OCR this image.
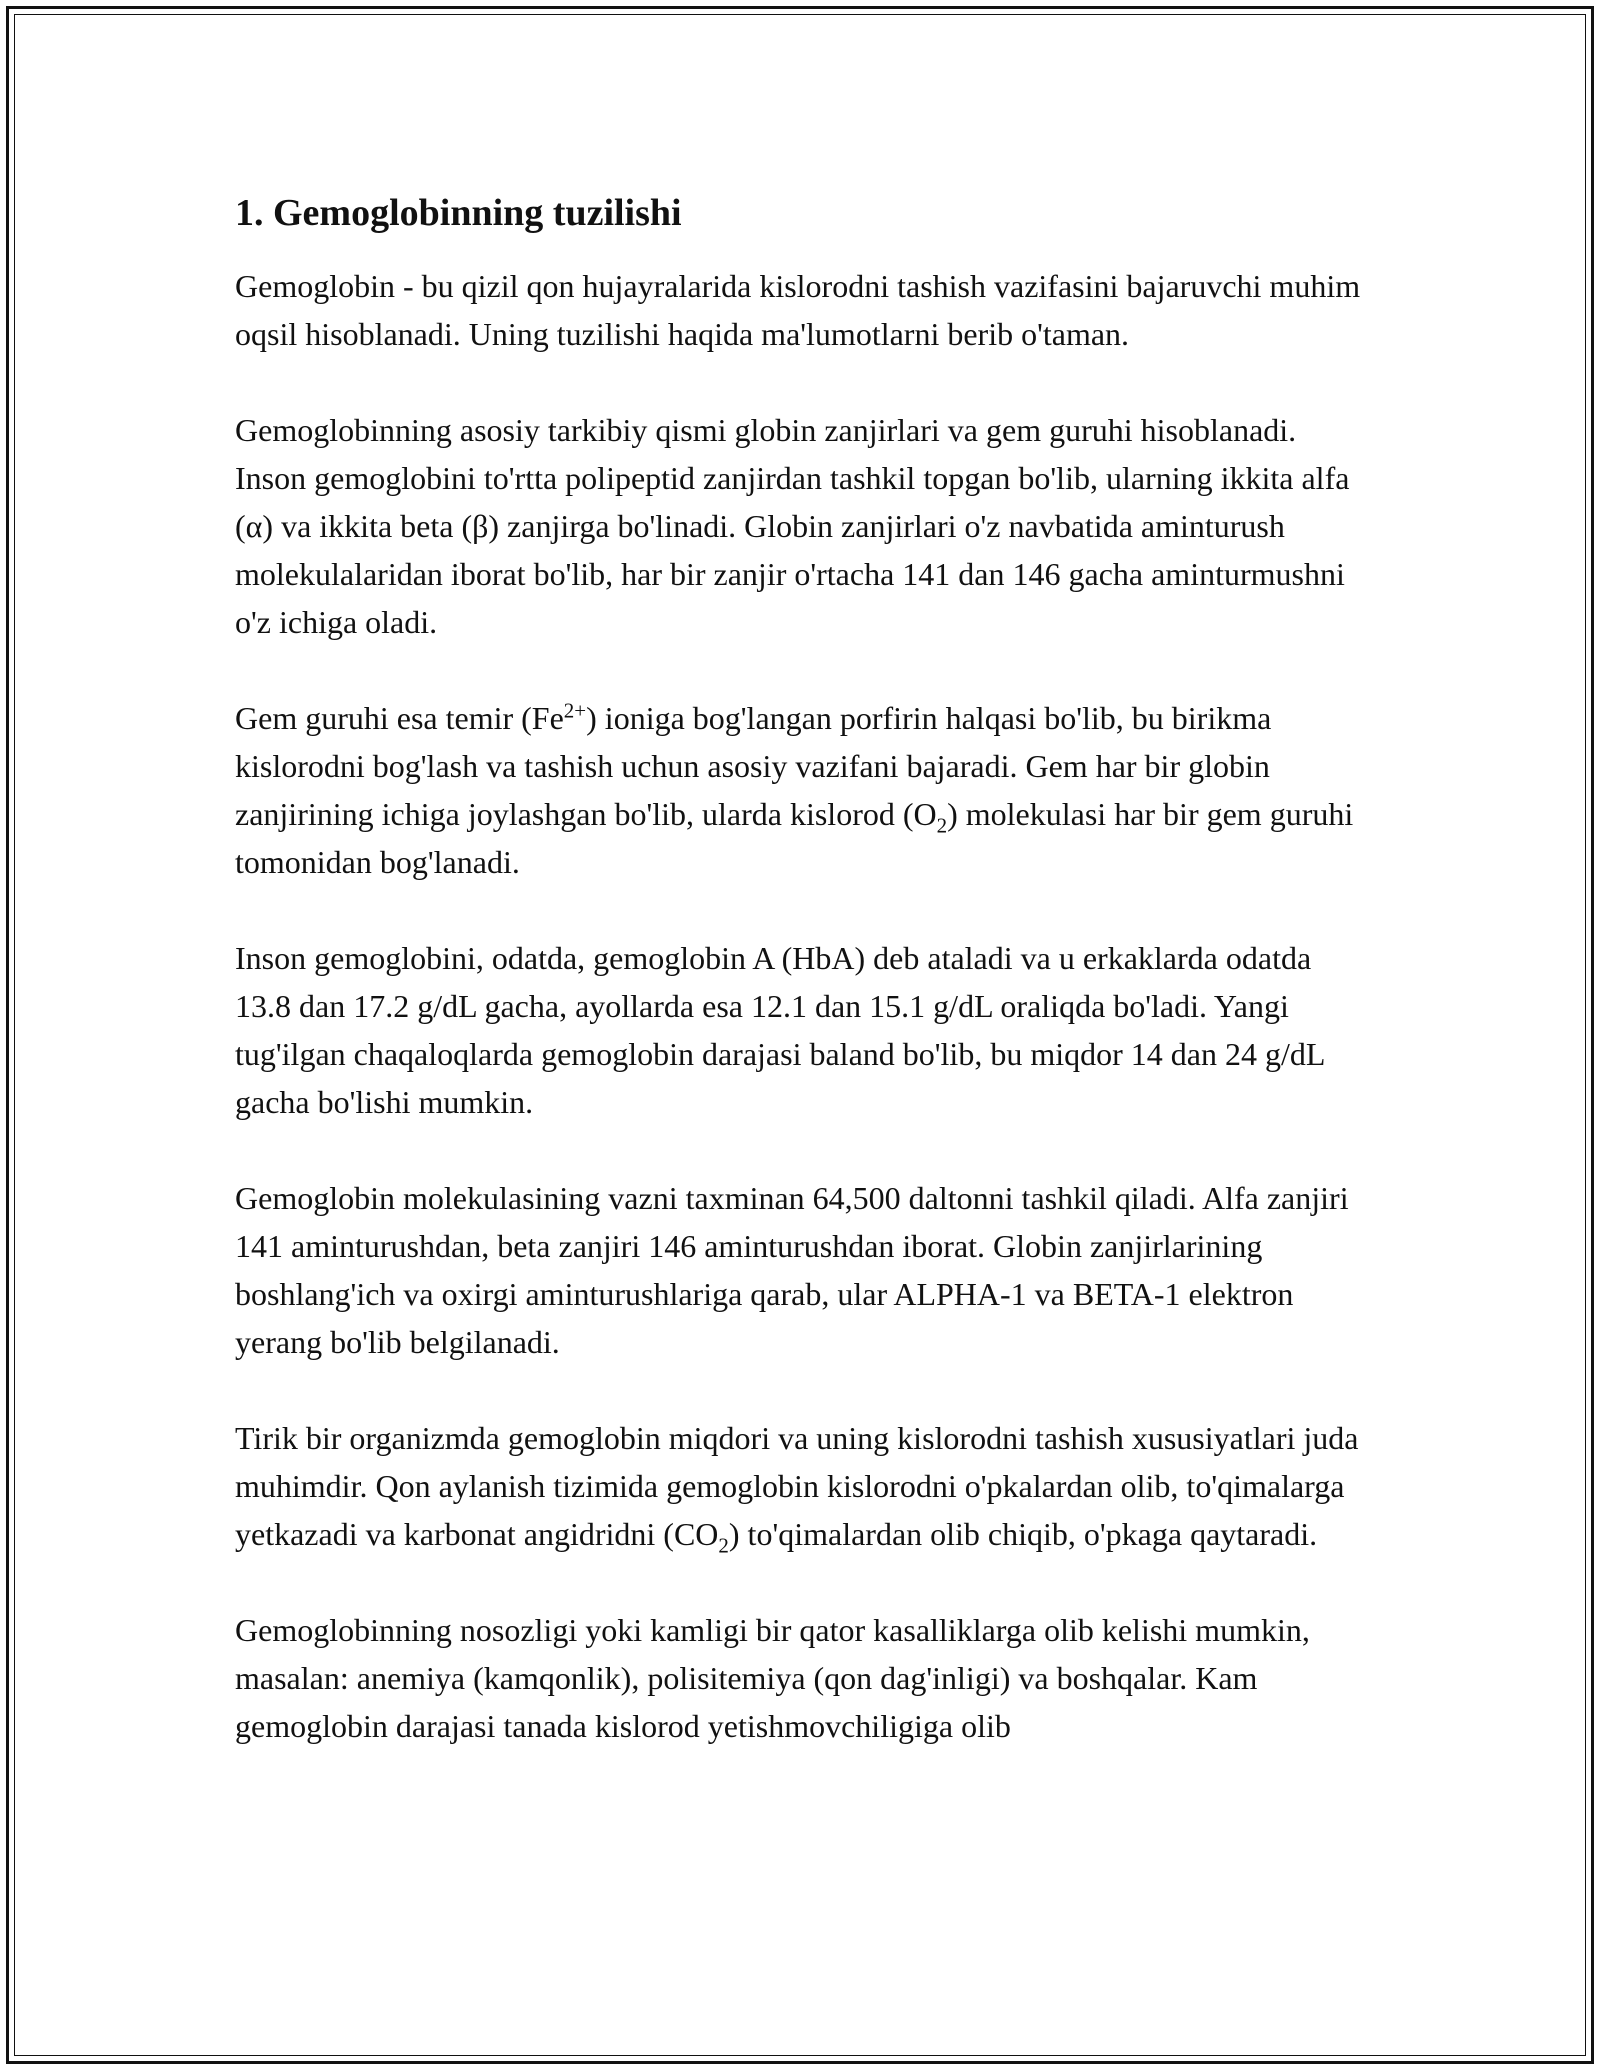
1. Gemoglobinning tuzilishi

Gemoglobin - bu qizil qon hujayralarida kislorodni tashish vazifasini bajaruvchi muhim oqsil hisoblanadi. Uning tuzilishi haqida ma'lumotlarni berib o'taman.

Gemoglobinning asosiy tarkibiy qismi globin zanjirlari va gem guruhi hisoblanadi. Inson gemoglobini to'rtta polipeptid zanjirdan tashkil topgan bo'lib, ularning ikkita alfa (α) va ikkita beta (β) zanjirga bo'linadi. Globin zanjirlari o'z navbatida aminturush molekulalaridan iborat bo'lib, har bir zanjir o'rtacha 141 dan 146 gacha aminturmushni o'z ichiga oladi.

Gem guruhi esa temir $(Fe^{2+})$ ioniga bog'langan porfirin halqasi bo'lib, bu birikma kislorodni bog'lash va tashish uchun asosiy vazifani bajaradi. Gem har bir globin zanjirining ichiga joylashgan bo'lib, ularda kislorod $(O_2)$ molekulasi har bir gem guruhi tomonidan bog'lanadi.

Inson gemoglobini, odatda, gemoglobin A (HbA) deb ataladi va u erkaklarda odatda 13.8 dan 17.2 g/dL gacha, ayollarda esa 12.1 dan 15.1 g/dL oraliqda bo'ladi. Yangi tug'ilgan chaqaloqlarda gemoglobin darajasi baland bo'lib, bu miqdor 14 dan 24 g/dL gacha bo'lishi mumkin.

Gemoglobin molekulasining vazni taxminan 64,500 daltonni tashkil qiladi. Alfa zanjiri 141 aminturushdan, beta zanjiri 146 aminturushdan iborat. Globin zanjirlarining boshlang'ich va oxirgi aminturushlariga qarab, ular ALPHA-1 va BETA-1 elektron yerang bo'lib belgilanadi.

Tirik bir organizmda gemoglobin miqdori va uning kislorodni tashish xususiyatlari juda muhimdir. Qon aylanish tizimida gemoglobin kislorodni o'pkalardan olib, to'qimalarga yetkazadi va karbonat angidridni $(CO_2)$ to'qimalardan olib chiqib, o'pkaga qaytaradi.

Gemoglobinning nosozligi yoki kamligi bir qator kasalliklarga olib kelishi mumkin, masalan: anemiya (kamqonlik), polisitemiya (qon dag'inligi) va boshqalar. Kam gemoglobin darajasi tanada kislorod yetishmovchiligiga olib
